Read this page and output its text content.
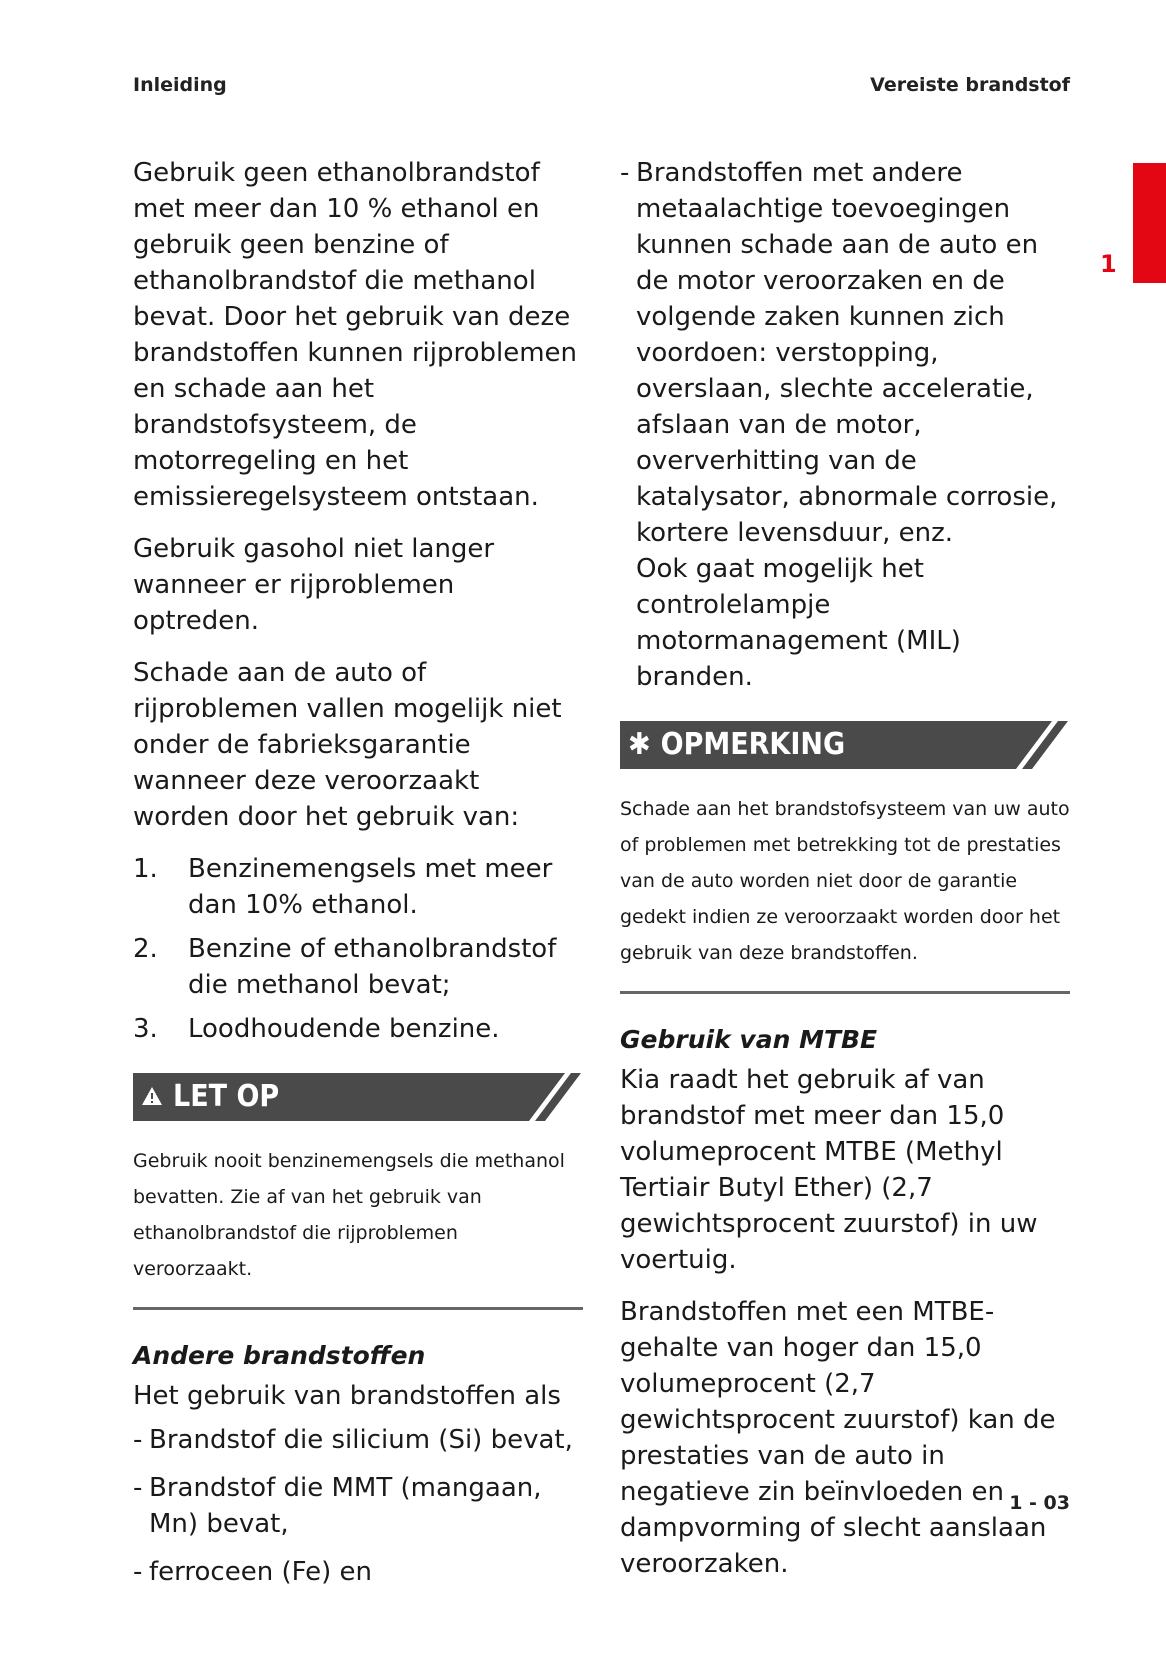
Inleiding	Vereiste brandstof
1

Gebruik geen ethanolbrandstof met meer dan 10 % ethanol en gebruik geen benzine of ethanolbrandstof die methanol bevat. Door het gebruik van deze brandstoffen kunnen rijproblemen en schade aan het brandstofsysteem, de motorregeling en het emissieregelsysteem ontstaan.

Gebruik gasohol niet langer wanneer er rijproblemen optreden.

Schade aan de auto of rijproblemen vallen mogelijk niet onder de fabrieksgarantie wanneer deze veroorzaakt worden door het gebruik van:

1.	Benzinemengsels met meer dan 10% ethanol.
2.	Benzine of ethanolbrandstof die methanol bevat;
3.	Loodhoudende benzine.
LET OP

Gebruik nooit benzinemengsels die methanol bevatten. Zie af van het gebruik van ethanolbrandstof die rijproblemen veroorzaakt.

Andere brandstoffen

Het gebruik van brandstoffen als

- Brandstof die silicium (Si) bevat,
- Brandstof die MMT (mangaan, Mn) bevat,
- ferroceen (Fe) en
- Brandstoffen met andere metaalachtige toevoegingen kunnen schade aan de auto en de motor veroorzaken en de volgende zaken kunnen zich voordoen: verstopping, overslaan, slechte acceleratie, afslaan van de motor, oververhitting van de katalysator, abnormale corrosie, kortere levensduur, enz.
Ook gaat mogelijk het controlelampje motormanagement (MIL) branden.
✱ OPMERKING

Schade aan het brandstofsysteem van uw auto of problemen met betrekking tot de prestaties van de auto worden niet door de garantie gedekt indien ze veroorzaakt worden door het gebruik van deze brandstoffen.

Gebruik van MTBE

Kia raadt het gebruik af van brandstof met meer dan 15,0 volumeprocent MTBE (Methyl Tertiair Butyl Ether) (2,7 gewichtsprocent zuurstof) in uw voertuig.

Brandstoffen met een MTBE-gehalte van hoger dan 15,0 volumeprocent (2,7 gewichtsprocent zuurstof) kan de prestaties van de auto in negatieve zin beïnvloeden en dampvorming of slecht aanslaan veroorzaken.

1 - 03
